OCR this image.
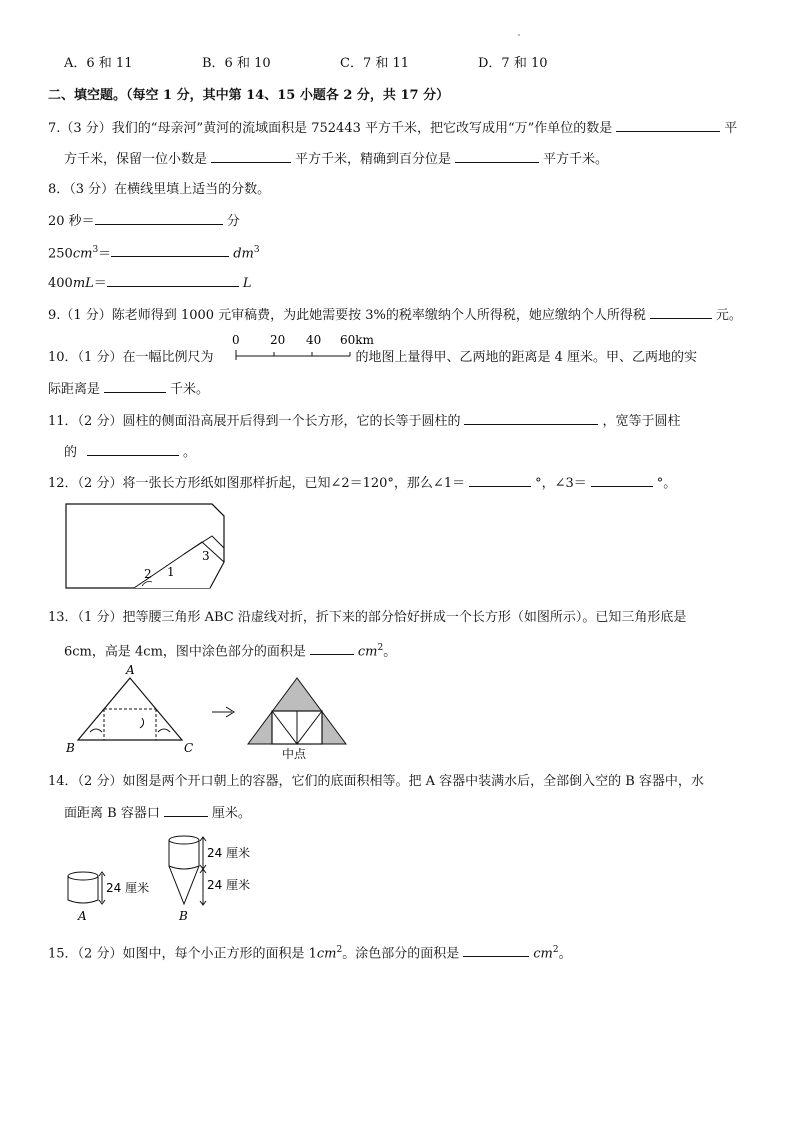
A．6 和 11	B．6 和 10	C．7 和 11	D．7 和 10
二、填空题。（每空 1 分，其中第 14、15 小题各 2 分，共 17 分）
7.（3 分）我们的“母亲河”黄河的流域面积是 752443 平方千米，把它改写成用“万”作单位的数是	平
方千米，保留一位小数是	平方千米，精确到百分位是	平方千米。
8．（3 分）在横线里填上适当的分数。
20 秒＝	分
$250cm^3=$	$dm^3$
400mL＝	L
9.（1 分）陈老师得到 1000 元审稿费，为此她需要按 3%的税率缴纳个人所得税，她应缴纳个人所得税	元。
10．（1 分）在一幅比例尺为	的地图上量得甲、乙两地的距离是 4 厘米。甲、乙两地的实
0	20 40 60km
际距离是	千米。
11．（2 分）圆柱的侧面沿高展开后得到一个长方形，它的长等于圆柱的	，宽等于圆柱
的	。
12．（2 分）将一张长方形纸如图那样折起，已知∠2＝120°，那么∠1＝	°，∠3＝	°。
2 1
3
13．（1 分）把等腰三角形 ABC 沿虚线对折，折下来的部分恰好拼成一个长方形（如图所示）。已知三角形底是
6cm，高是 4cm，图中涂色部分的面积是	$cm^2$。
A
B	C	中点
14．（2 分）如图是两个开口朝上的容器，它们的底面积相等。把 A 容器中装满水后，全部倒入空的 B 容器中，水
面距离 B 容器口	厘米。
24 厘米
A
24 厘米
24 厘米
B
15．（2 分）如图中，每个小正方形的面积是 $1cm^2$。涂色部分的面积是	$cm^2$。
